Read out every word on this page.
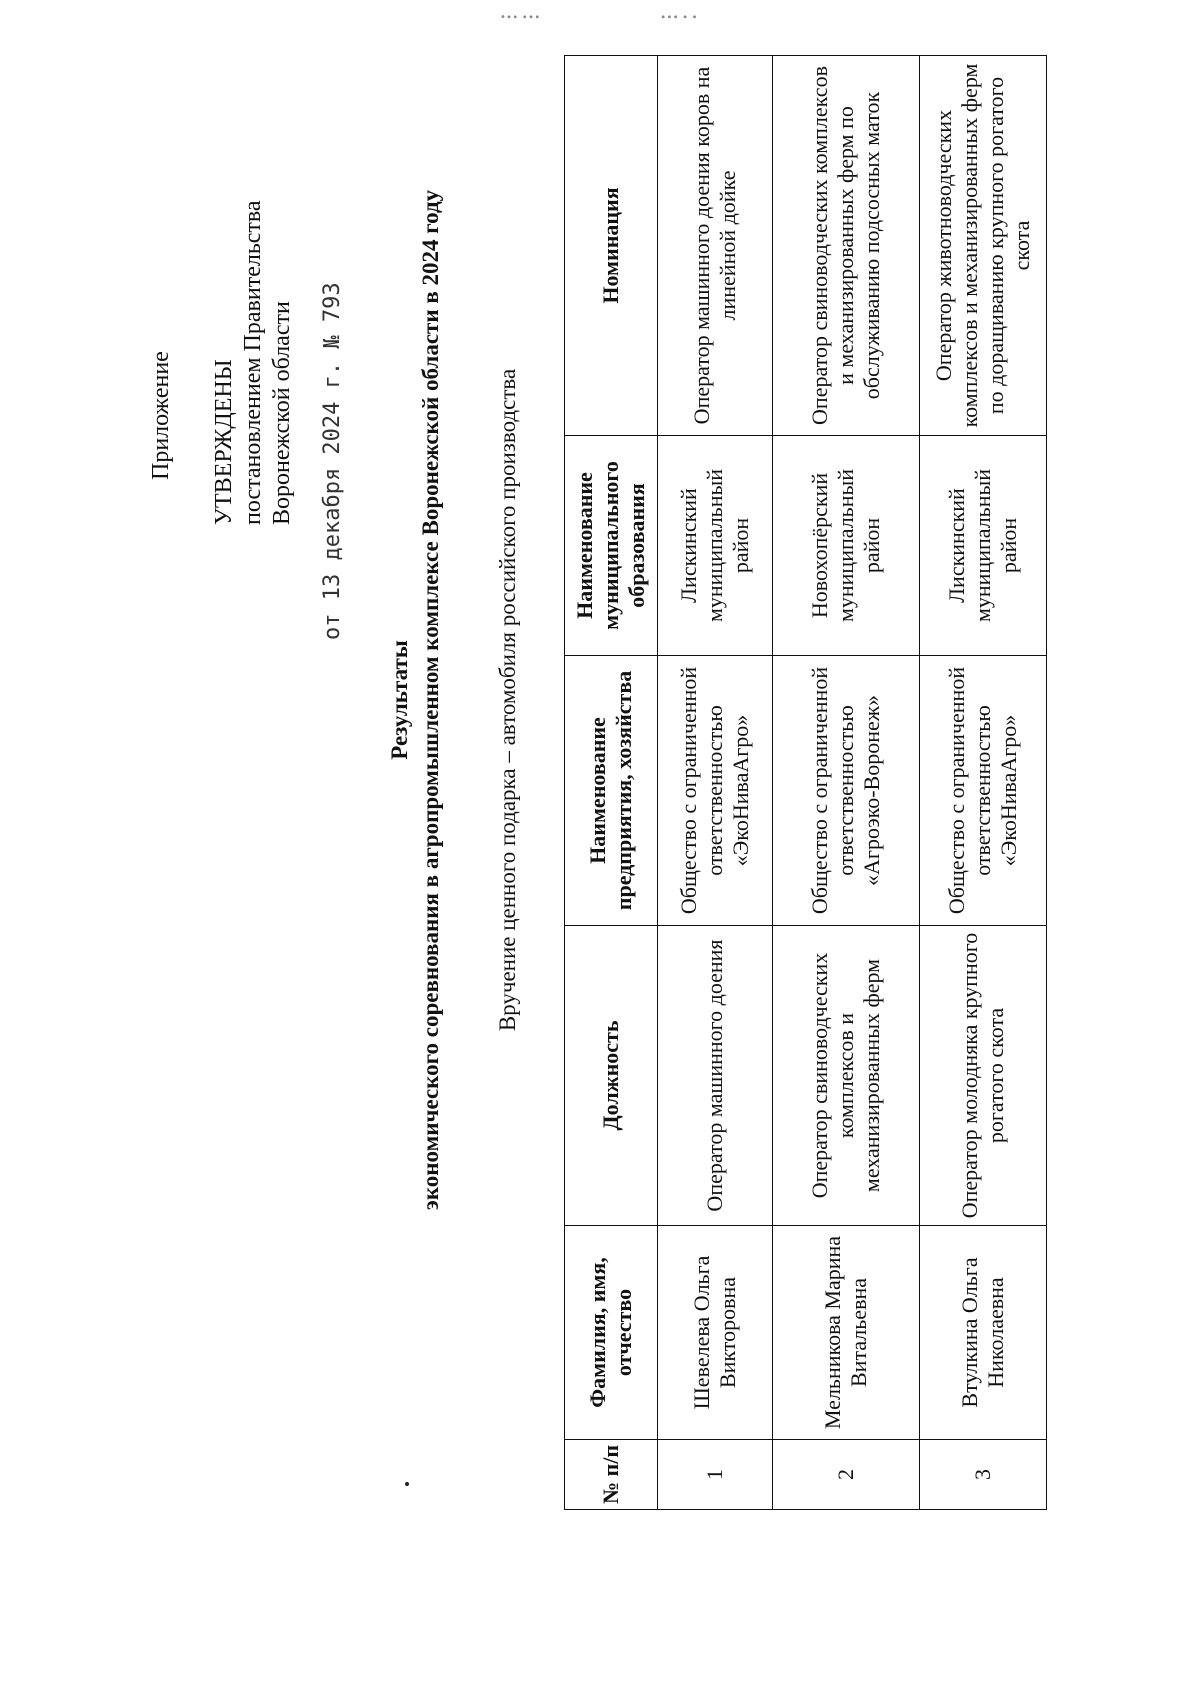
•∙∙ ∙∙∙	∙∙∙ ∙ ∙
Приложение УТВЕРЖДЕНЫ постановлением Правительства Воронежской области от 13 декабря 2024 г. № 793
Результаты экономического соревнования в агропромышленном комплексе Воронежской области в 2024 году Вручение ценного подарка – автомобиля российского производства
№ п/п	Фамилия, имя, отчество	Должность	Наименование предприятия, хозяйства	Наименование муниципального образования	Номинация
1	Шевелева Ольга Викторовна	Оператор машинного доения	Общество с ограниченной ответственностью «ЭкоНиваАгро»	Лискинский муниципальный район	Оператор машинного доения коров на линейной дойке
2	Мельникова Марина Витальевна	Оператор свиноводческих комплексов и механизированных ферм	Общество с ограниченной ответственностью «Агроэко-Воронеж»	Новохопёрский муниципальный район	Оператор свиноводческих комплексов и механизированных ферм по обслуживанию подсосных маток
3	Втулкина Ольга Николаевна	Оператор молодняка крупного рогатого скота	Общество с ограниченной ответственностью «ЭкоНиваАгро»	Лискинский муниципальный район	Оператор животноводческих комплексов и механизированных ферм по доращиванию крупного рогатого скота
